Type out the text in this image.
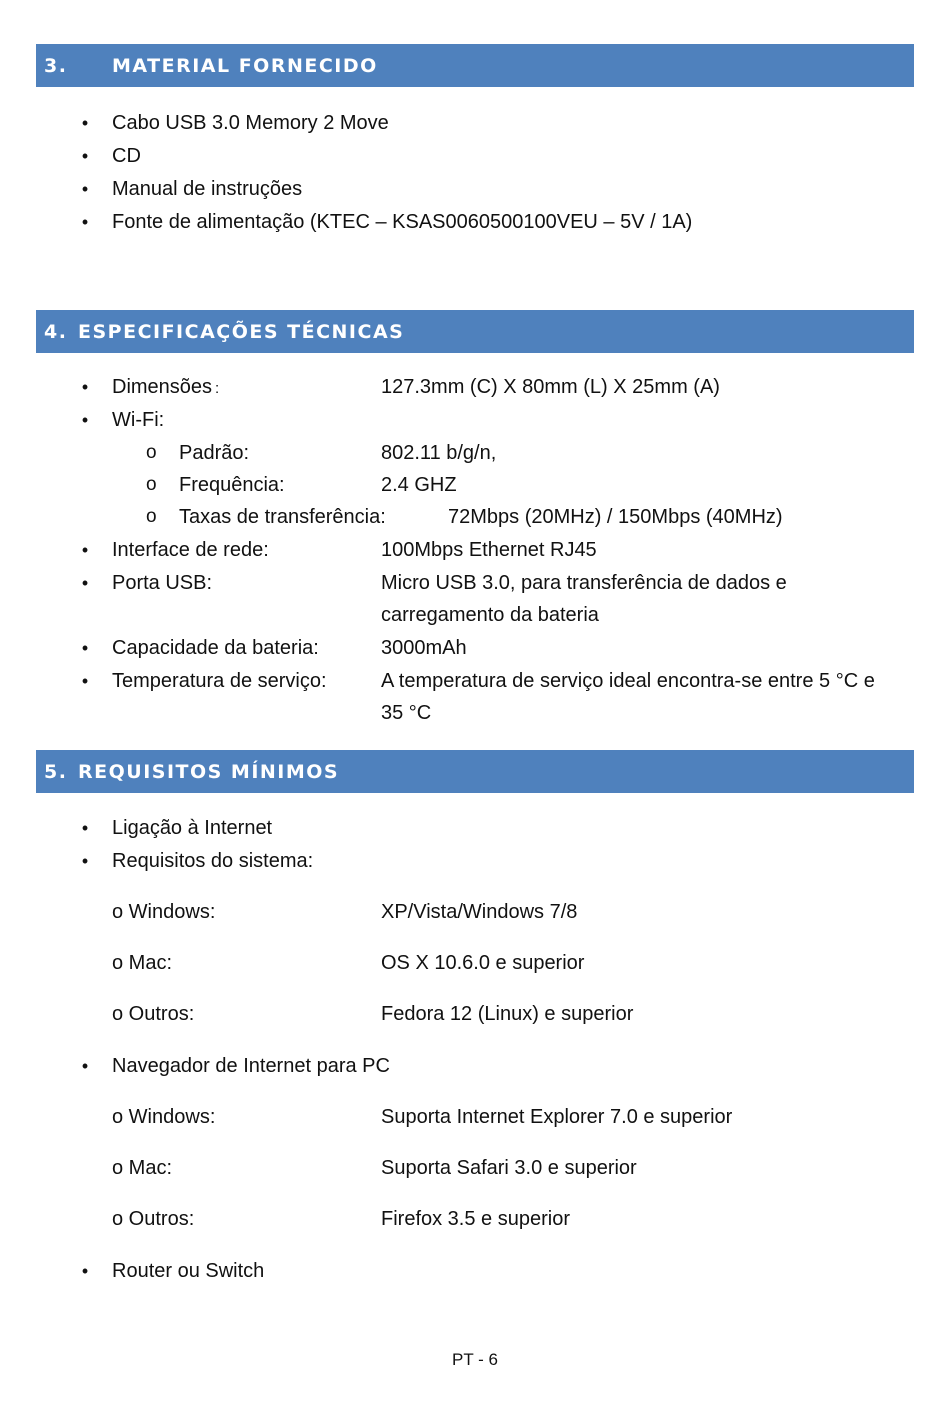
3.	MATERIAL FORNECIDO
• Cabo USB 3.0 Memory 2 Move
• CD
• Manual de instruções
• Fonte de alimentação (KTEC – KSAS0060500100VEU – 5V / 1A)
4. ESPECIFICAÇÕES TÉCNICAS
• Dimensões :	127.3mm (C) X 80mm (L) X 25mm (A)
• Wi-Fi:
o Padrão:	802.11 b/g/n,
o Frequência:	2.4 GHZ
o Taxas de transferência:	72Mbps (20MHz) / 150Mbps (40MHz)
• Interface de rede:	100Mbps Ethernet RJ45
• Porta USB:	Micro USB 3.0, para transferência de dados e
carregamento da bateria
• Capacidade da bateria:	3000mAh
• Temperatura de serviço:	A temperatura de serviço ideal encontra-se entre 5 °C e
35 °C
5. REQUISITOS MÍNIMOS
• Ligação à Internet
• Requisitos do sistema:
o Windows:	XP/Vista/Windows 7/8
o Mac:	OS X 10.6.0 e superior
o Outros:	Fedora 12 (Linux) e superior
• Navegador de Internet para PC
o Windows:	Suporta Internet Explorer 7.0 e superior
o Mac:	Suporta Safari 3.0 e superior
o Outros:	Firefox 3.5 e superior
• Router ou Switch
PT - 6
